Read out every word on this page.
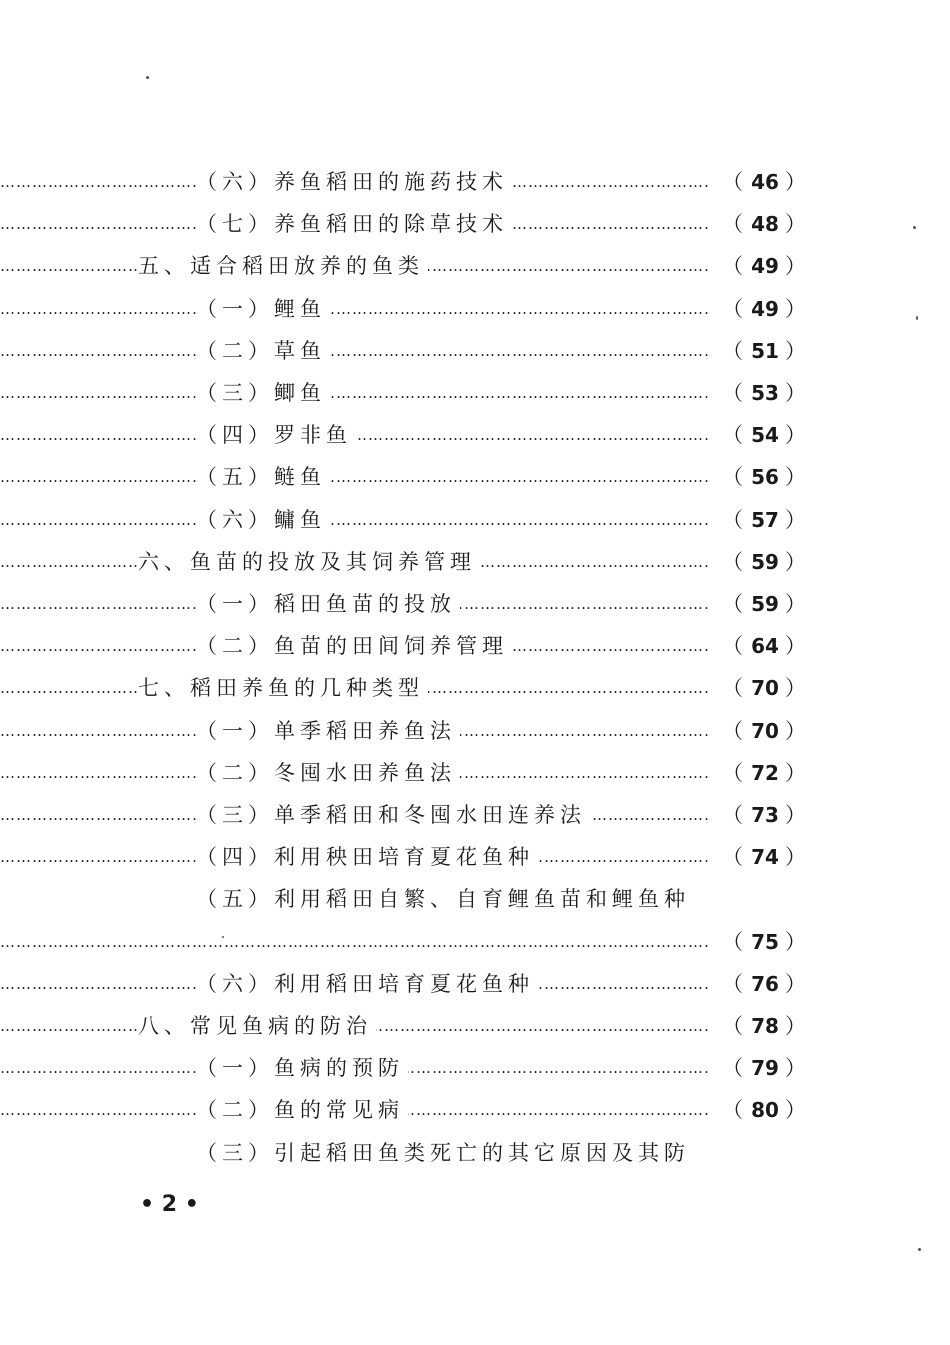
………………………………………………………………………………………………………………………………………………………………………………
（六）养鱼稻田的施药技术	（ 46 ）
………………………………………………………………………………………………………………………………………………………………………………
（七）养鱼稻田的除草技术	（ 48 ）
………………………………………………………………………………………………………………………………………………………………………………
五、适合稻田放养的鱼类	（ 49 ）
………………………………………………………………………………………………………………………………………………………………………………
（一）鲤鱼	（ 49 ）
………………………………………………………………………………………………………………………………………………………………………………
（二）草鱼	（ 51 ）
………………………………………………………………………………………………………………………………………………………………………………
（三）鲫鱼	（ 53 ）
………………………………………………………………………………………………………………………………………………………………………………
（四）罗非鱼	（ 54 ）
………………………………………………………………………………………………………………………………………………………………………………
（五）鲢鱼	（ 56 ）
………………………………………………………………………………………………………………………………………………………………………………
（六）鳙鱼	（ 57 ）
………………………………………………………………………………………………………………………………………………………………………………
六、鱼苗的投放及其饲养管理	（ 59 ）
………………………………………………………………………………………………………………………………………………………………………………
（一）稻田鱼苗的投放	（ 59 ）
………………………………………………………………………………………………………………………………………………………………………………
（二）鱼苗的田间饲养管理	（ 64 ）
………………………………………………………………………………………………………………………………………………………………………………
七、稻田养鱼的几种类型	（ 70 ）
………………………………………………………………………………………………………………………………………………………………………………
（一）单季稻田养鱼法	（ 70 ）
………………………………………………………………………………………………………………………………………………………………………………
（二）冬囤水田养鱼法	（ 72 ）
………………………………………………………………………………………………………………………………………………………………………………
（三）单季稻田和冬囤水田连养法	（ 73 ）
………………………………………………………………………………………………………………………………………………………………………………
（四）利用秧田培育夏花鱼种	（ 74 ）
（五）利用稻田自繁、自育鲤鱼苗和鲤鱼种
………………………………………………………………………………………………………………………………………………………………………………
（ 75 ）
………………………………………………………………………………………………………………………………………………………………………………
（六）利用稻田培育夏花鱼种	（ 76 ）
………………………………………………………………………………………………………………………………………………………………………………
八、常见鱼病的防治	（ 78 ）
………………………………………………………………………………………………………………………………………………………………………………
（一）鱼病的预防	（ 79 ）
………………………………………………………………………………………………………………………………………………………………………………
（二）鱼的常见病	（ 80 ）
（三）引起稻田鱼类死亡的其它原因及其防
• 2 •
